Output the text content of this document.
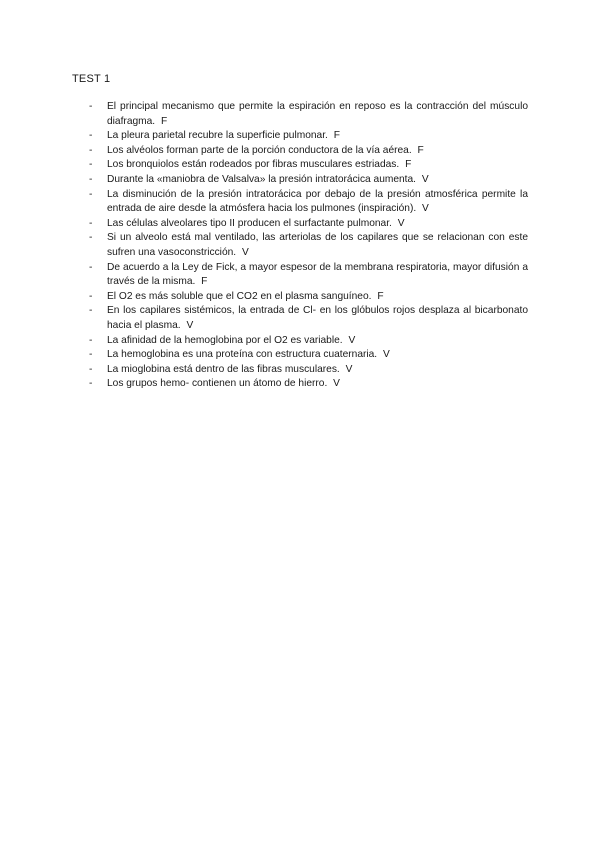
TEST 1
- El principal mecanismo que permite la espiración en reposo es la contracción del músculo diafragma. F
- La pleura parietal recubre la superficie pulmonar. F
- Los alvéolos forman parte de la porción conductora de la vía aérea. F
- Los bronquiolos están rodeados por fibras musculares estriadas. F
- Durante la «maniobra de Valsalva» la presión intratorácica aumenta. V
- La disminución de la presión intratorácica por debajo de la presión atmosférica permite la entrada de aire desde la atmósfera hacia los pulmones (inspiración). V
- Las células alveolares tipo II producen el surfactante pulmonar. V
- Si un alveolo está mal ventilado, las arteriolas de los capilares que se relacionan con este sufren una vasoconstricción. V
- De acuerdo a la Ley de Fick, a mayor espesor de la membrana respiratoria, mayor difusión a través de la misma. F
- El O2 es más soluble que el CO2 en el plasma sanguíneo. F
- En los capilares sistémicos, la entrada de Cl- en los glóbulos rojos desplaza al bicarbonato hacia el plasma. V
- La afinidad de la hemoglobina por el O2 es variable. V
- La hemoglobina es una proteína con estructura cuaternaria. V
- La mioglobina está dentro de las fibras musculares. V
- Los grupos hemo- contienen un átomo de hierro. V
